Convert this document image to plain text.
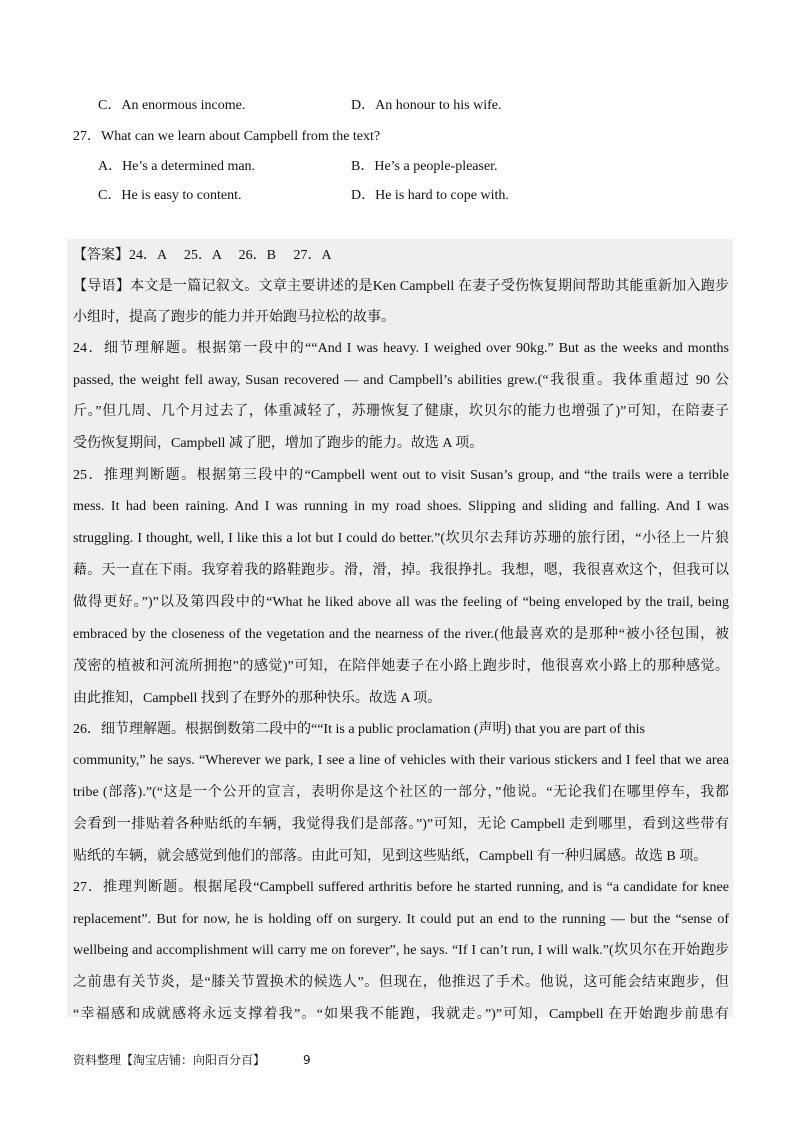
C．An enormous income.	D．An honour to his wife.
27．What can we learn about Campbell from the text?
A．He’s a determined man.	B．He’s a people-pleaser.
C．He is easy to content.	D．He is hard to cope with.
【答案】24．A　 25．A　 26．B　 27．A
【导语】本文是一篇记叙文。文章主要讲述的是Ken Campbell 在妻子受伤恢复期间帮助其能重新加入跑步
小组时，提高了跑步的能力并开始跑马拉松的故事。
24．细节理解题。根据第一段中的““And I was heavy. I weighed over 90kg.” But as the weeks and months
passed, the weight fell away, Susan recovered — and Campbell’s abilities grew.(“我很重。我体重超过 90 公
斤。”但几周、几个月过去了，体重减轻了，苏珊恢复了健康，坎贝尔的能力也增强了)”可知，在陪妻子
受伤恢复期间，Campbell 减了肥，增加了跑步的能力。故选 A 项。
25．推理判断题。根据第三段中的“Campbell went out to visit Susan’s group, and “the trails were a terrible
mess. It had been raining. And I was running in my road shoes. Slipping and sliding and falling. And I was
struggling. I thought, well, I like this a lot but I could do better.”(坎贝尔去拜访苏珊的旅行团，“小径上一片狼
藉。天一直在下雨。我穿着我的路鞋跑步。滑，滑，掉。我很挣扎。我想，嗯，我很喜欢这个，但我可以
做得更好。”)”以及第四段中的“What he liked above all was the feeling of “being enveloped by the trail, being
embraced by the closeness of the vegetation and the nearness of the river.(他最喜欢的是那种“被小径包围，被
茂密的植被和河流所拥抱”的感觉)”可知，在陪伴她妻子在小路上跑步时，他很喜欢小路上的那种感觉。
由此推知，Campbell 找到了在野外的那种快乐。故选 A 项。
26．细节理解题。根据倒数第二段中的““It is a public proclamation (声明) that you are part of this
community,” he says. “Wherever we park, I see a line of vehicles with their various stickers and I feel that we area
tribe (部落).”(“这是一个公开的宣言，表明你是这个社区的一部分，”他说。“无论我们在哪里停车，我都
会看到一排贴着各种贴纸的车辆，我觉得我们是部落。”)”可知，无论 Campbell 走到哪里，看到这些带有
贴纸的车辆，就会感觉到他们的部落。由此可知，见到这些贴纸，Campbell 有一种归属感。故选 B 项。
27．推理判断题。根据尾段“Campbell suffered arthritis before he started running, and is “a candidate for knee
replacement”. But for now, he is holding off on surgery. It could put an end to the running — but the “sense of
wellbeing and accomplishment will carry me on forever”, he says. “If I can’t run, I will walk.”(坎贝尔在开始跑步
之前患有关节炎，是“膝关节置换术的候选人”。但现在，他推迟了手术。他说，这可能会结束跑步，但
“幸福感和成就感将永远支撑着我”。“如果我不能跑，我就走。”)”可知，Campbell 在开始跑步前患有
资料整理【淘宝店铺：向阳百分百】	9
